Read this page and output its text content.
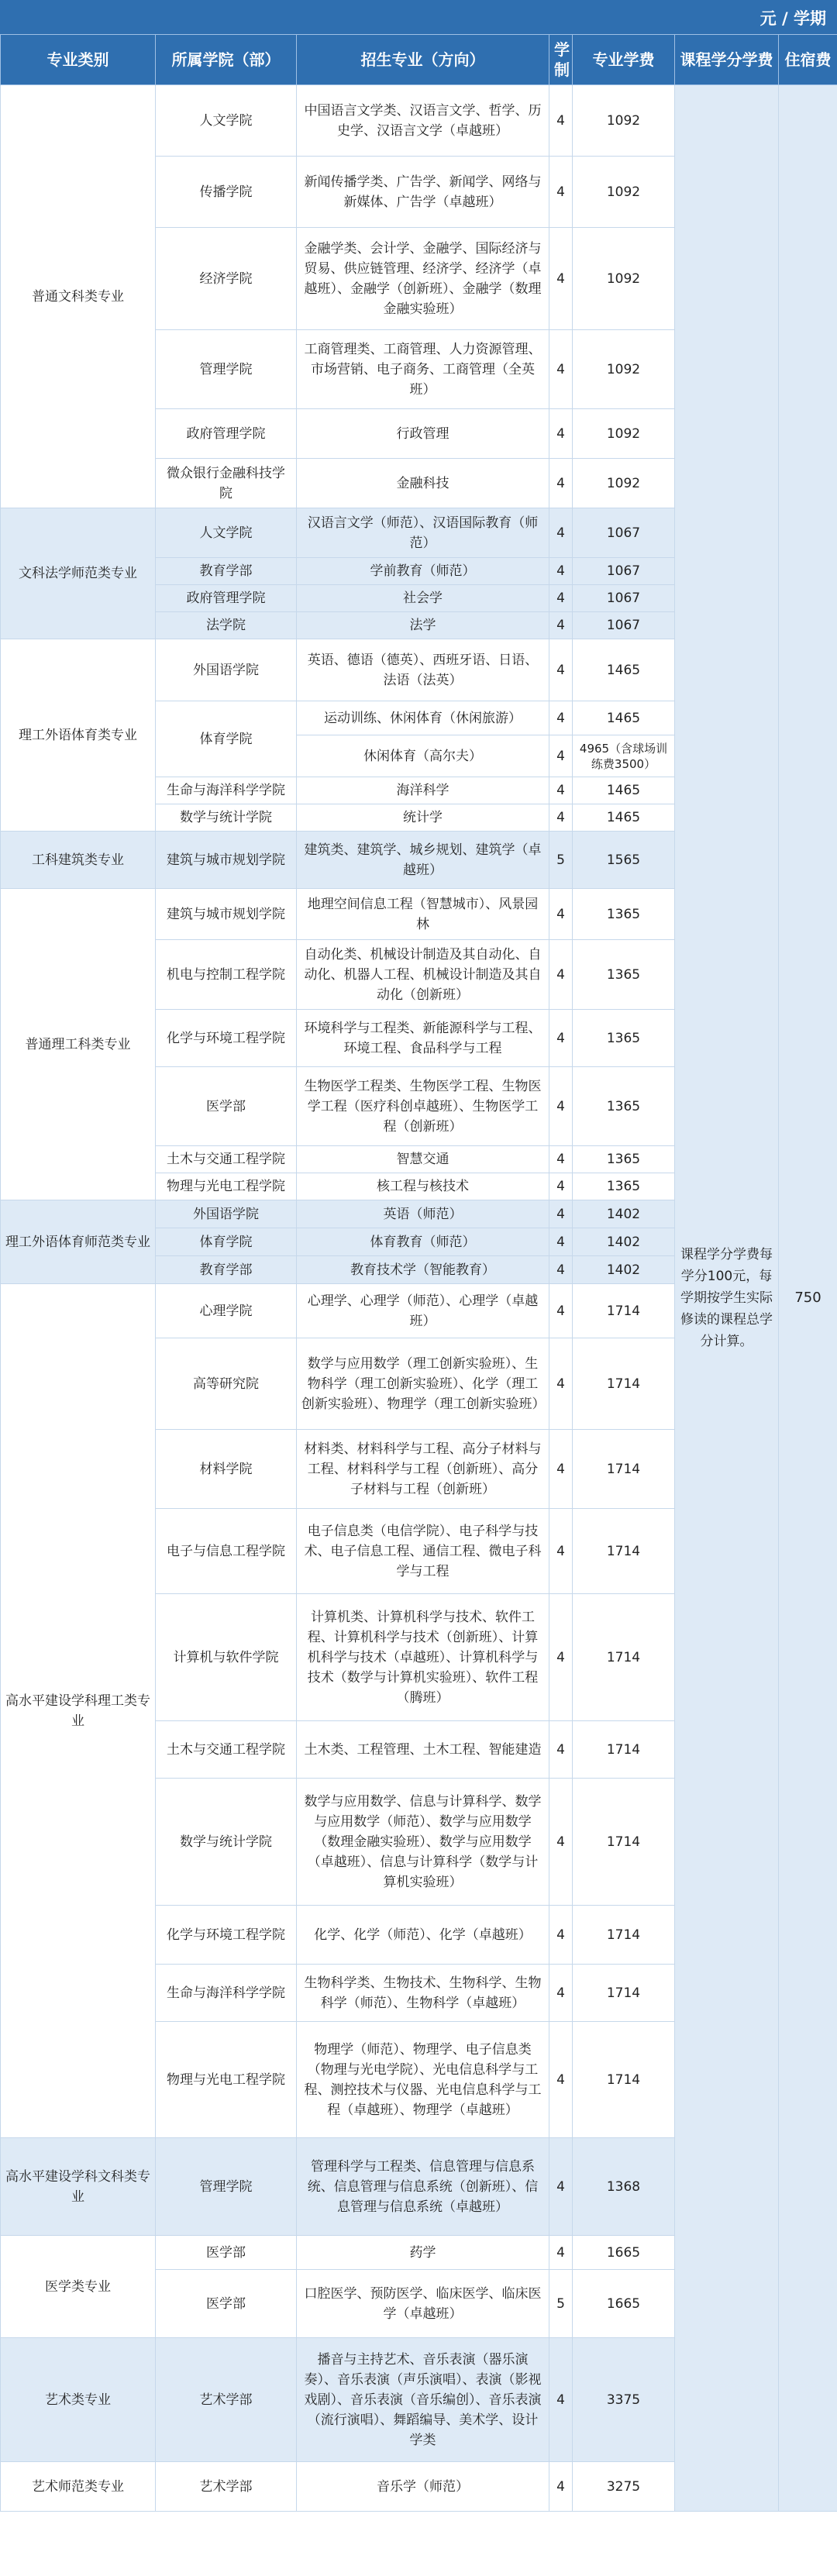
元 / 学期
专业类别	所属学院（部）	招生专业（方向）	学制	专业学费	课程学分学费	住宿费
普通文科类专业	人文学院	中国语言文学类、汉语言文学、哲学、历史学、汉语言文学（卓越班）	4	1092	课程学分学费每学分100元，每学期按学生实际修读的课程总学分计算。	750
	传播学院	新闻传播学类、广告学、新闻学、网络与新媒体、广告学（卓越班）	4	1092		
	经济学院	金融学类、会计学、金融学、国际经济与贸易、供应链管理、经济学、经济学（卓越班）、金融学（创新班）、金融学（数理金融实验班）	4	1092		
	管理学院	工商管理类、工商管理、人力资源管理、市场营销、电子商务、工商管理（全英班）	4	1092		
	政府管理学院	行政管理	4	1092		
	微众银行金融科技学院	金融科技	4	1092		
文科法学师范类专业	人文学院	汉语言文学（师范）、汉语国际教育（师范）	4	1067		
	教育学部	学前教育（师范）	4	1067		
	政府管理学院	社会学	4	1067		
	法学院	法学	4	1067		
理工外语体育类专业	外国语学院	英语、德语（德英）、西班牙语、日语、法语（法英）	4	1465		
	体育学院	运动训练、休闲体育（休闲旅游）	4	1465		
		休闲体育（高尔夫）	4	4965（含球场训练费3500）		
	生命与海洋科学学院	海洋科学	4	1465		
	数学与统计学院	统计学	4	1465		
工科建筑类专业	建筑与城市规划学院	建筑类、建筑学、城乡规划、建筑学（卓越班）	5	1565		
普通理工科类专业	建筑与城市规划学院	地理空间信息工程（智慧城市）、风景园林	4	1365		
	机电与控制工程学院	自动化类、机械设计制造及其自动化、自动化、机器人工程、机械设计制造及其自动化（创新班）	4	1365		
	化学与环境工程学院	环境科学与工程类、新能源科学与工程、环境工程、食品科学与工程	4	1365		
	医学部	生物医学工程类、生物医学工程、生物医学工程（医疗科创卓越班）、生物医学工程（创新班）	4	1365		
	土木与交通工程学院	智慧交通	4	1365		
	物理与光电工程学院	核工程与核技术	4	1365		
理工外语体育师范类专业	外国语学院	英语（师范）	4	1402		
	体育学院	体育教育（师范）	4	1402		
	教育学部	教育技术学（智能教育）	4	1402		
高水平建设学科理工类专业	心理学院	心理学、心理学（师范）、心理学（卓越班）	4	1714		
	高等研究院	数学与应用数学（理工创新实验班）、生物科学（理工创新实验班）、化学（理工创新实验班）、物理学（理工创新实验班）	4	1714		
	材料学院	材料类、材料科学与工程、高分子材料与工程、材料科学与工程（创新班）、高分子材料与工程（创新班）	4	1714		
	电子与信息工程学院	电子信息类（电信学院）、电子科学与技术、电子信息工程、通信工程、微电子科学与工程	4	1714		
	计算机与软件学院	计算机类、计算机科学与技术、软件工程、计算机科学与技术（创新班）、计算机科学与技术（卓越班）、计算机科学与技术（数学与计算机实验班）、软件工程（腾班）	4	1714		
	土木与交通工程学院	土木类、工程管理、土木工程、智能建造	4	1714		
	数学与统计学院	数学与应用数学、信息与计算科学、数学与应用数学（师范）、数学与应用数学（数理金融实验班）、数学与应用数学（卓越班）、信息与计算科学（数学与计算机实验班）	4	1714		
	化学与环境工程学院	化学、化学（师范）、化学（卓越班）	4	1714		
	生命与海洋科学学院	生物科学类、生物技术、生物科学、生物科学（师范）、生物科学（卓越班）	4	1714		
	物理与光电工程学院	物理学（师范）、物理学、电子信息类（物理与光电学院）、光电信息科学与工程、测控技术与仪器、光电信息科学与工程（卓越班）、物理学（卓越班）	4	1714		
高水平建设学科文科类专业	管理学院	管理科学与工程类、信息管理与信息系统、信息管理与信息系统（创新班）、信息管理与信息系统（卓越班）	4	1368		
医学类专业	医学部	药学	4	1665		
	医学部	口腔医学、预防医学、临床医学、临床医学（卓越班）	5	1665		
艺术类专业	艺术学部	播音与主持艺术、音乐表演（器乐演奏）、音乐表演（声乐演唱）、表演（影视戏剧）、音乐表演（音乐编创）、音乐表演（流行演唱）、舞蹈编导、美术学、设计学类	4	3375		
艺术师范类专业	艺术学部	音乐学（师范）	4	3275		
